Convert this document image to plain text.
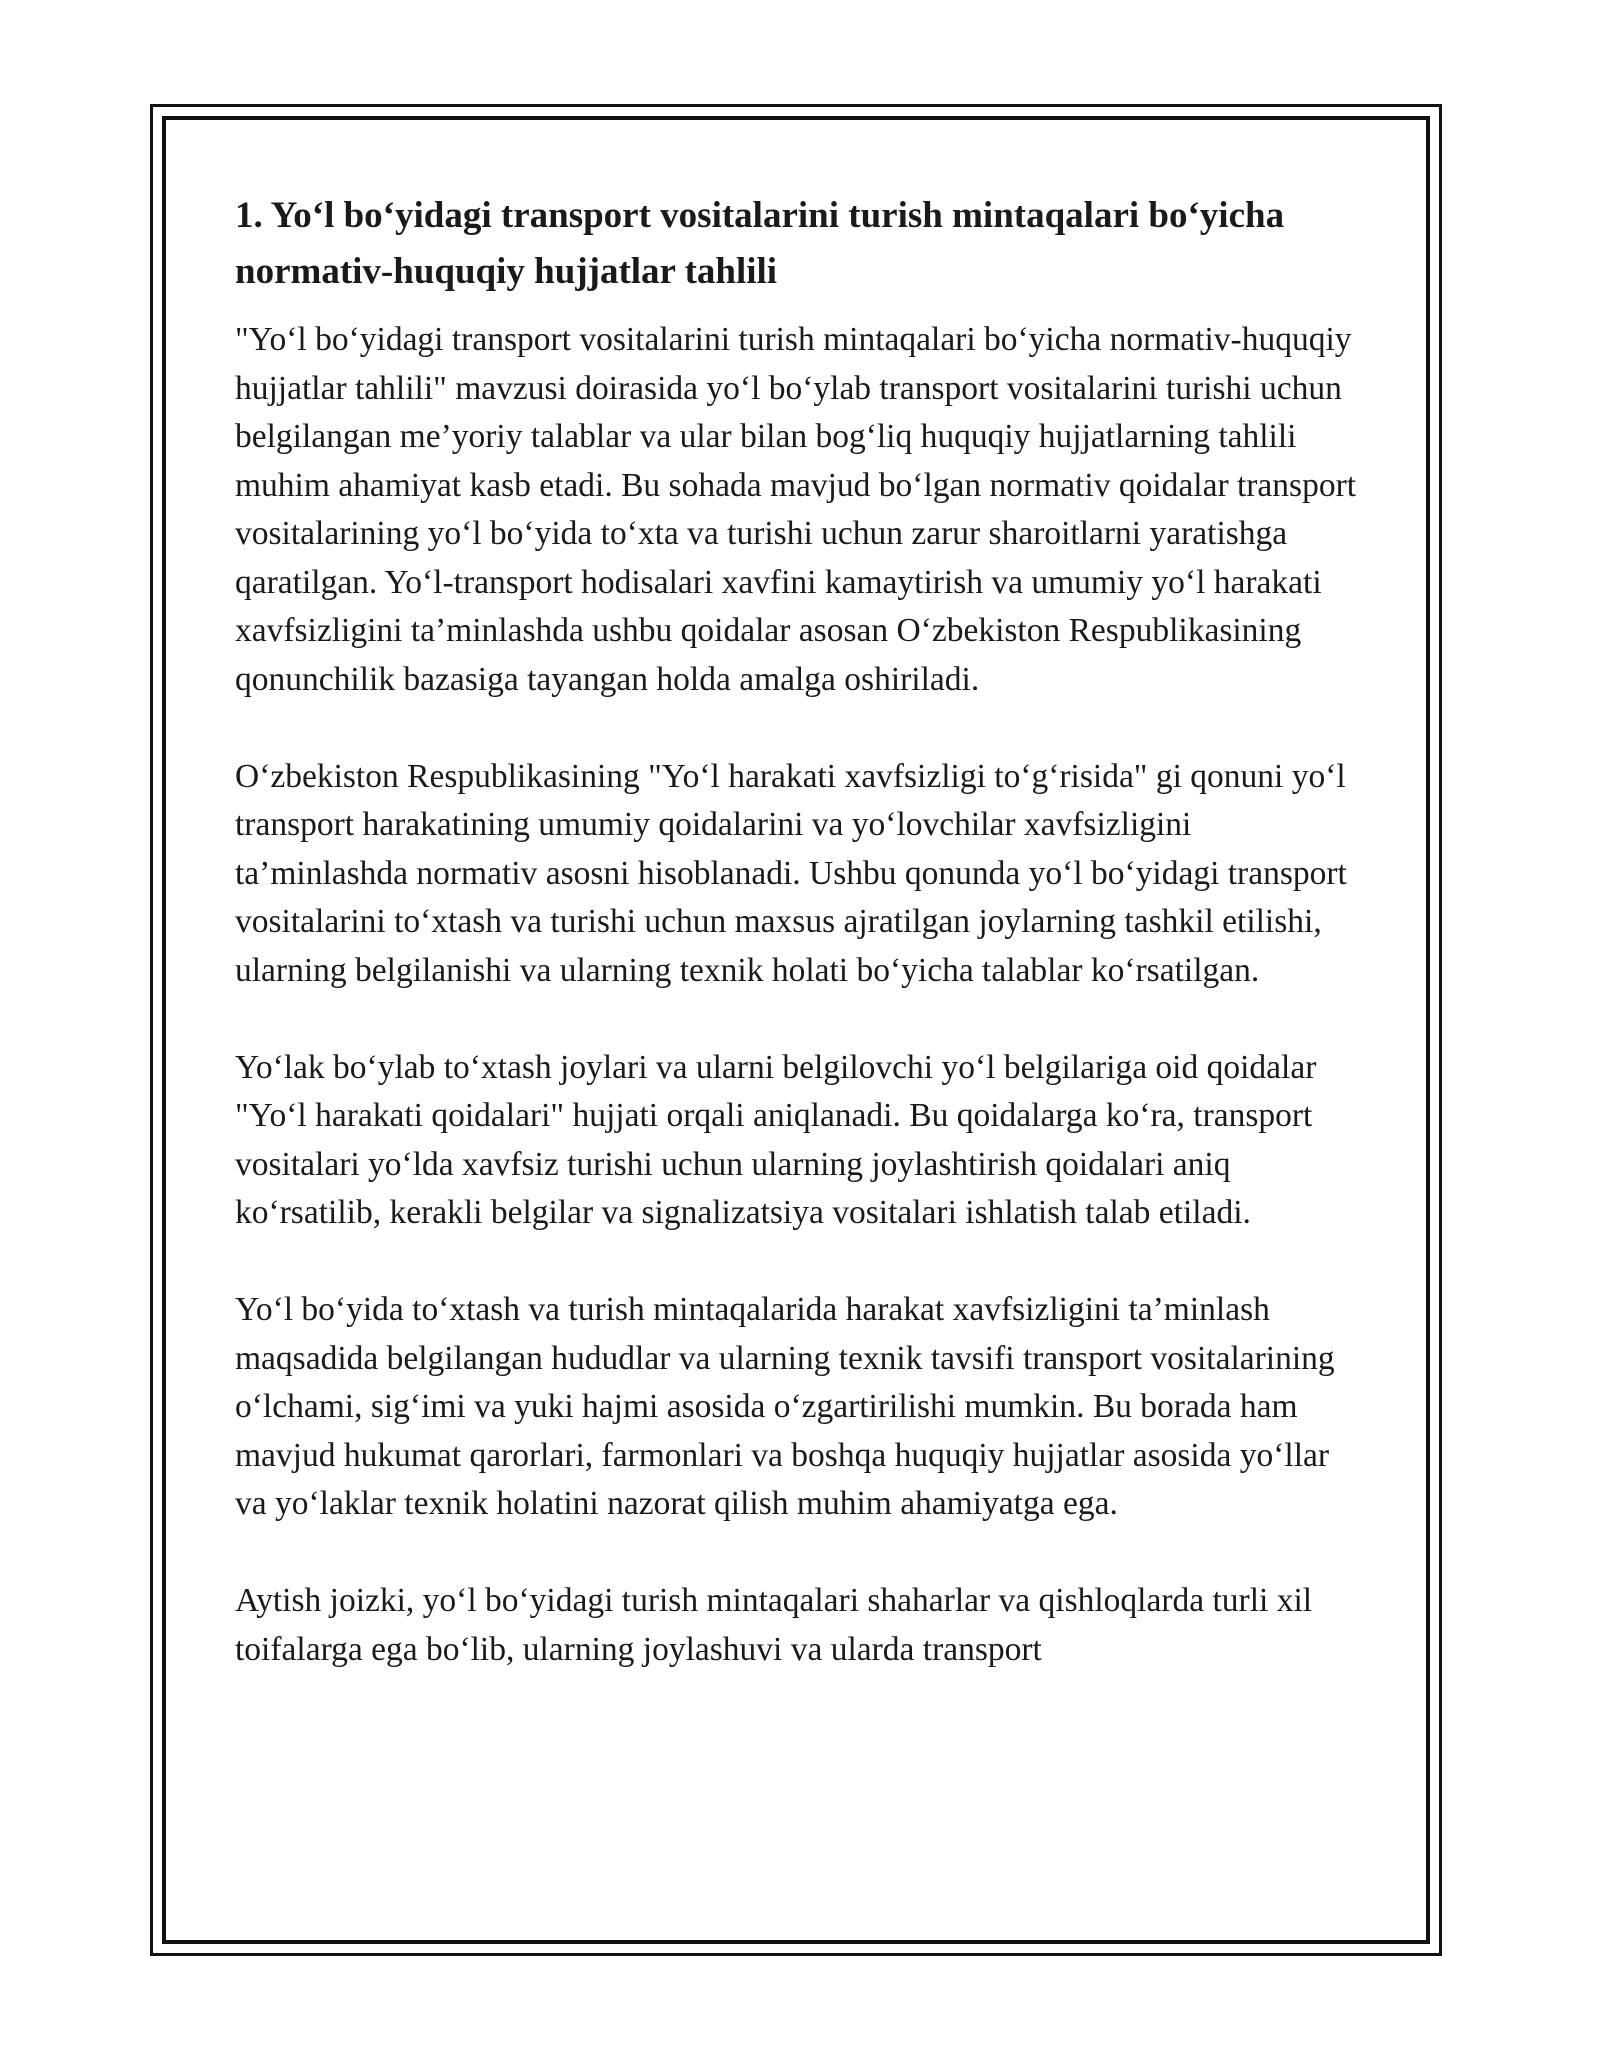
1. Yo‘l bo‘yidagi transport vositalarini turish mintaqalari bo‘yicha normativ-huquqiy hujjatlar tahlili

"Yo‘l bo‘yidagi transport vositalarini turish mintaqalari bo‘yicha normativ-huquqiy hujjatlar tahlili" mavzusi doirasida yo‘l bo‘ylab transport vositalarini turishi uchun belgilangan me’yoriy talablar va ular bilan bog‘liq huquqiy hujjatlarning tahlili muhim ahamiyat kasb etadi. Bu sohada mavjud bo‘lgan normativ qoidalar transport vositalarining yo‘l bo‘yida to‘xta va turishi uchun zarur sharoitlarni yaratishga qaratilgan. Yo‘l-transport hodisalari xavfini kamaytirish va umumiy yo‘l harakati xavfsizligini ta’minlashda ushbu qoidalar asosan O‘zbekiston Respublikasining qonunchilik bazasiga tayangan holda amalga oshiriladi.

O‘zbekiston Respublikasining "Yo‘l harakati xavfsizligi to‘g‘risida" gi qonuni yo‘l transport harakatining umumiy qoidalarini va yo‘lovchilar xavfsizligini ta’minlashda normativ asosni hisoblanadi. Ushbu qonunda yo‘l bo‘yidagi transport vositalarini to‘xtash va turishi uchun maxsus ajratilgan joylarning tashkil etilishi, ularning belgilanishi va ularning texnik holati bo‘yicha talablar ko‘rsatilgan.

Yo‘lak bo‘ylab to‘xtash joylari va ularni belgilovchi yo‘l belgilariga oid qoidalar "Yo‘l harakati qoidalari" hujjati orqali aniqlanadi. Bu qoidalarga ko‘ra, transport vositalari yo‘lda xavfsiz turishi uchun ularning joylashtirish qoidalari aniq ko‘rsatilib, kerakli belgilar va signalizatsiya vositalari ishlatish talab etiladi.

Yo‘l bo‘yida to‘xtash va turish mintaqalarida harakat xavfsizligini ta’minlash maqsadida belgilangan hududlar va ularning texnik tavsifi transport vositalarining o‘lchami, sig‘imi va yuki hajmi asosida o‘zgartirilishi mumkin. Bu borada ham mavjud hukumat qarorlari, farmonlari va boshqa huquqiy hujjatlar asosida yo‘llar va yo‘laklar texnik holatini nazorat qilish muhim ahamiyatga ega.

Aytish joizki, yo‘l bo‘yidagi turish mintaqalari shaharlar va qishloqlarda turli xil toifalarga ega bo‘lib, ularning joylashuvi va ularda transport
